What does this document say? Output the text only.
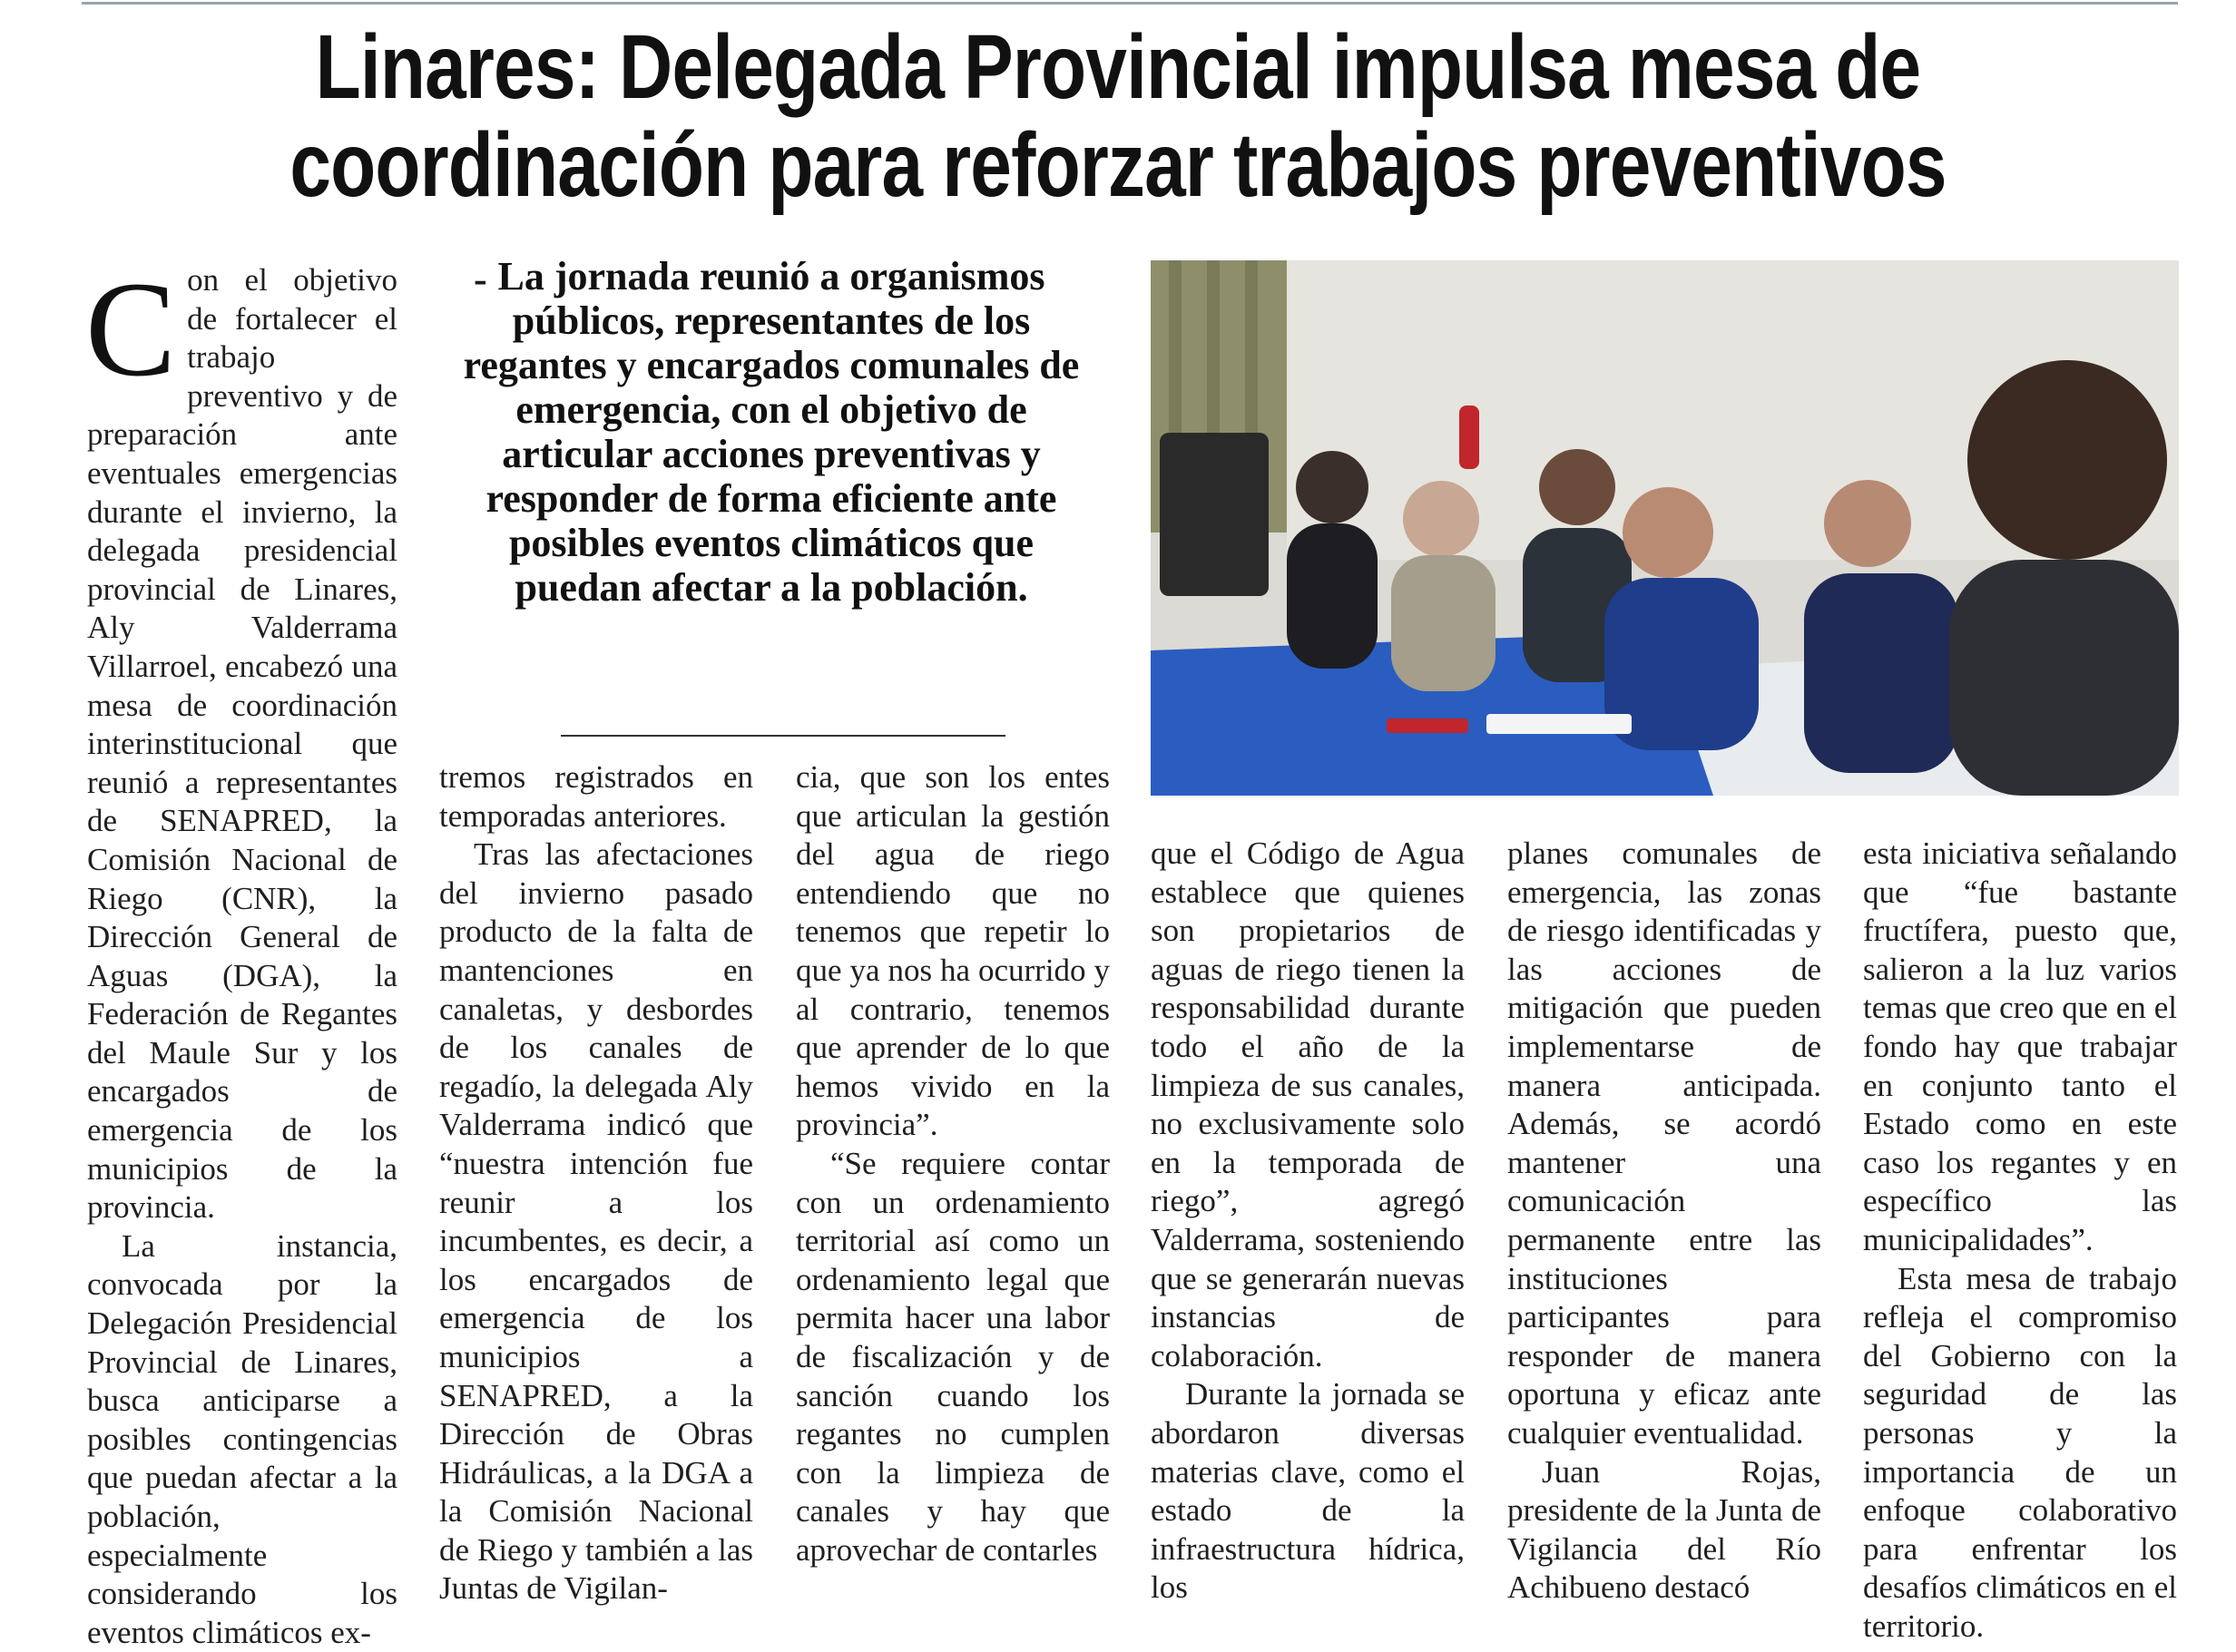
Linares: Delegada Provincial impulsa mesa de
coordinación para reforzar trabajos preventivos

Con el objetivo de fortalecer el trabajo preventivo y de preparación ante eventuales emergencias durante el invierno, la delegada presidencial provincial de Linares, Aly Valderrama Villarroel, encabezó una mesa de coordinación interinstitucional que reunió a representantes de SENAPRED, la Comisión Nacional de Riego (CNR), la Dirección General de Aguas (DGA), la Federación de Regantes del Maule Sur y los encargados de emergencia de los municipios de la provincia.

La instancia, convocada por la Delegación Presidencial Provincial de Linares, busca anticiparse a posibles contingencias que puedan afectar a la población, especialmente considerando los eventos climáticos ex-

- La jornada reunió a organismos públicos, representantes de los regantes y encargados comunales de emergencia, con el objetivo de articular acciones preventivas y responder de forma eficiente ante posibles eventos climáticos que puedan afectar a la población.

tremos registrados en temporadas anteriores.

Tras las afectaciones del invierno pasado producto de la falta de mantenciones en canaletas, y desbordes de los canales de regadío, la delegada Aly Valderrama indicó que “nuestra intención fue reunir a los incumbentes, es decir, a los encargados de emergencia de los municipios a SENAPRED, a la Dirección de Obras Hidráulicas, a la DGA a la Comisión Nacional de Riego y también a las Juntas de Vigilan-

cia, que son los entes que articulan la gestión del agua de riego entendiendo que no tenemos que repetir lo que ya nos ha ocurrido y al contrario, tenemos que aprender de lo que hemos vivido en la provincia”.

“Se requiere contar con un ordenamiento territorial así como un ordenamiento legal que permita hacer una labor de fiscalización y de sanción cuando los regantes no cumplen con la limpieza de canales y hay que aprovechar de contarles

que el Código de Agua establece que quienes son propietarios de aguas de riego tienen la responsabilidad durante todo el año de la limpieza de sus canales, no exclusivamente solo en la temporada de riego”, agregó Valderrama, sosteniendo que se generarán nuevas instancias de colaboración.

Durante la jornada se abordaron diversas materias clave, como el estado de la infraestructura hídrica, los

planes comunales de emergencia, las zonas de riesgo identificadas y las acciones de mitigación que pueden implementarse de manera anticipada. Además, se acordó mantener una comunicación permanente entre las instituciones participantes para responder de manera oportuna y eficaz ante cualquier eventualidad.

Juan Rojas, presidente de la Junta de Vigilancia del Río Achibueno destacó

esta iniciativa señalando que “fue bastante fructífera, puesto que, salieron a la luz varios temas que creo que en el fondo hay que trabajar en conjunto tanto el Estado como en este caso los regantes y en específico las municipalidades”.

Esta mesa de trabajo refleja el compromiso del Gobierno con la seguridad de las personas y la importancia de un enfoque colaborativo para enfrentar los desafíos climáticos en el territorio.
